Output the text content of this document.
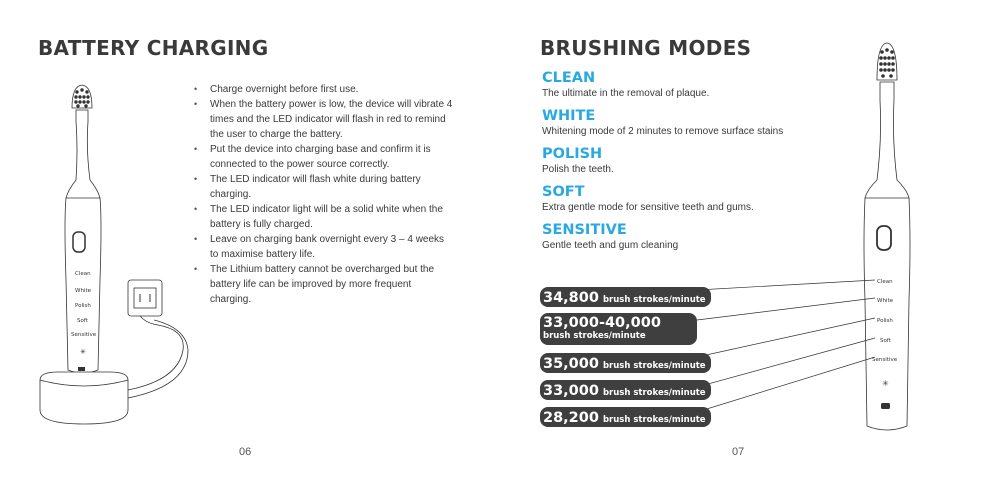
BATTERY CHARGING
Clean
White
Polish
Soft
Sensitive
✳
• Charge overnight before first use.
• When the battery power is low, the device will vibrate 4 times and the LED indicator will flash in red to remind the user to charge the battery.
• Put the device into charging base and confirm it is connected to the power source correctly.
• The LED indicator will flash white during battery charging.
• The LED indicator light will be a solid white when the battery is fully charged.
• Leave on charging bank overnight every 3 – 4 weeks to maximise battery life.
• The Lithium battery cannot be overcharged but the battery life can be improved by more frequent charging.
06
BRUSHING MODES
CLEAN
The ultimate in the removal of plaque.
WHITE
Whitening mode of 2 minutes to remove surface stains
POLISH
Polish the teeth.
SOFT
Extra gentle mode for sensitive teeth and gums.
SENSITIVE
Gentle teeth and gum cleaning
34,800 brush strokes/minute
33,000-40,000
brush strokes/minute
35,000 brush strokes/minute
33,000 brush strokes/minute
28,200 brush strokes/minute
Clean
White
Polish
Soft
Sensitive
✳
07
